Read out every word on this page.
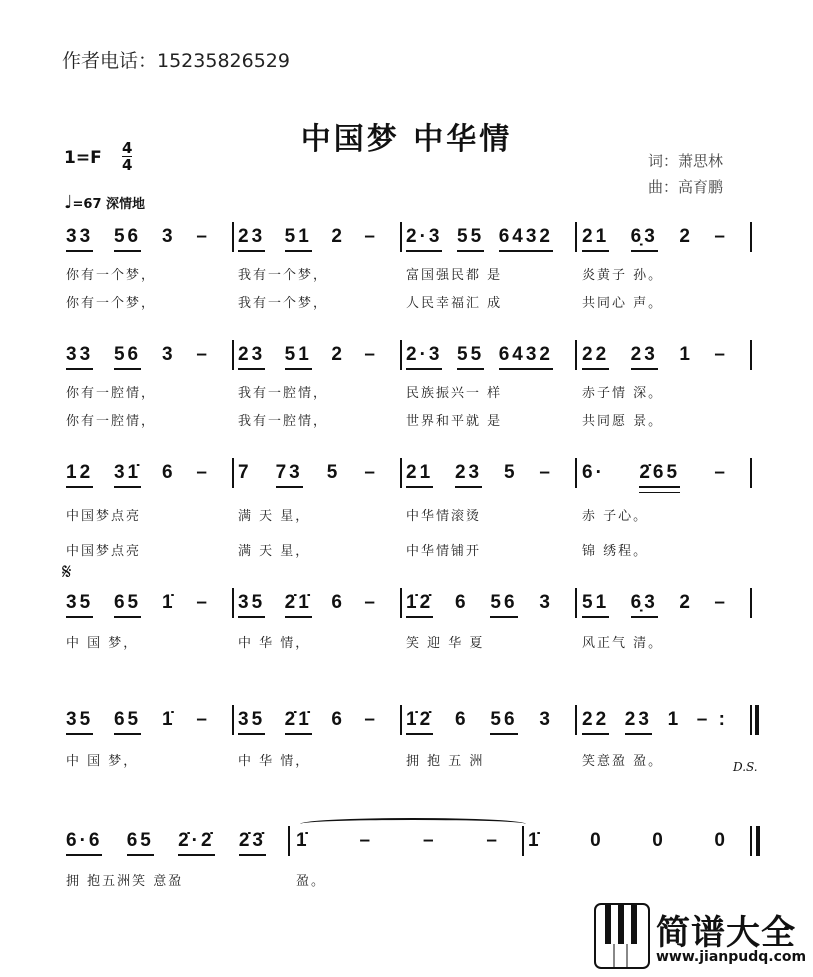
作者电话：15235826529
中国梦 中华情
1=F 4
4
♩=67 深情地
词：萧思林
曲：高育鹏
𝄋
D.S.
33 56 3 – 23 51 2 – 2·3 55 6432 21 6̣3 2 –
你有一个梦，	我有一个梦，	富国强民都 是	炎黄子 孙。
你有一个梦，	我有一个梦，	人民幸福汇 成	共同心 声。
33 56 3 – 23 51 2 – 2·3 55 6432 22 23 1 –
你有一腔情，	我有一腔情，	民族振兴一 样	赤子情 深。
你有一腔情，	我有一腔情，	世界和平就 是	共同愿 景。
12 31̇ 6 – 7 73 5 – 21 23 5 – 6· 2̇65 –
中国梦点亮	满 天 星，	中华情滚烫	赤 子心。
中国梦点亮	满 天 星，	中华情铺开	锦 绣程。
35 65 1̇ – 35 2̇1̇ 6 – 1̇2̇ 6 56 3 51 6̣3 2 –
中 国 梦，	中 华 情，	笑 迎 华 夏	风正气 清。
35 65 1̇ – 35 2̇1̇ 6 – 1̇2̇ 6 56 3 22 23 1 – :
中 国 梦，	中 华 情，	拥 抱 五 洲	笑意盈 盈。
6·6 65 2̇·2̇ 2̇3̇ 1̇	–	–	– 1̇	0	0	0
拥 抱五洲笑 意盈	盈。
简谱大全
www.jianpudq.com
